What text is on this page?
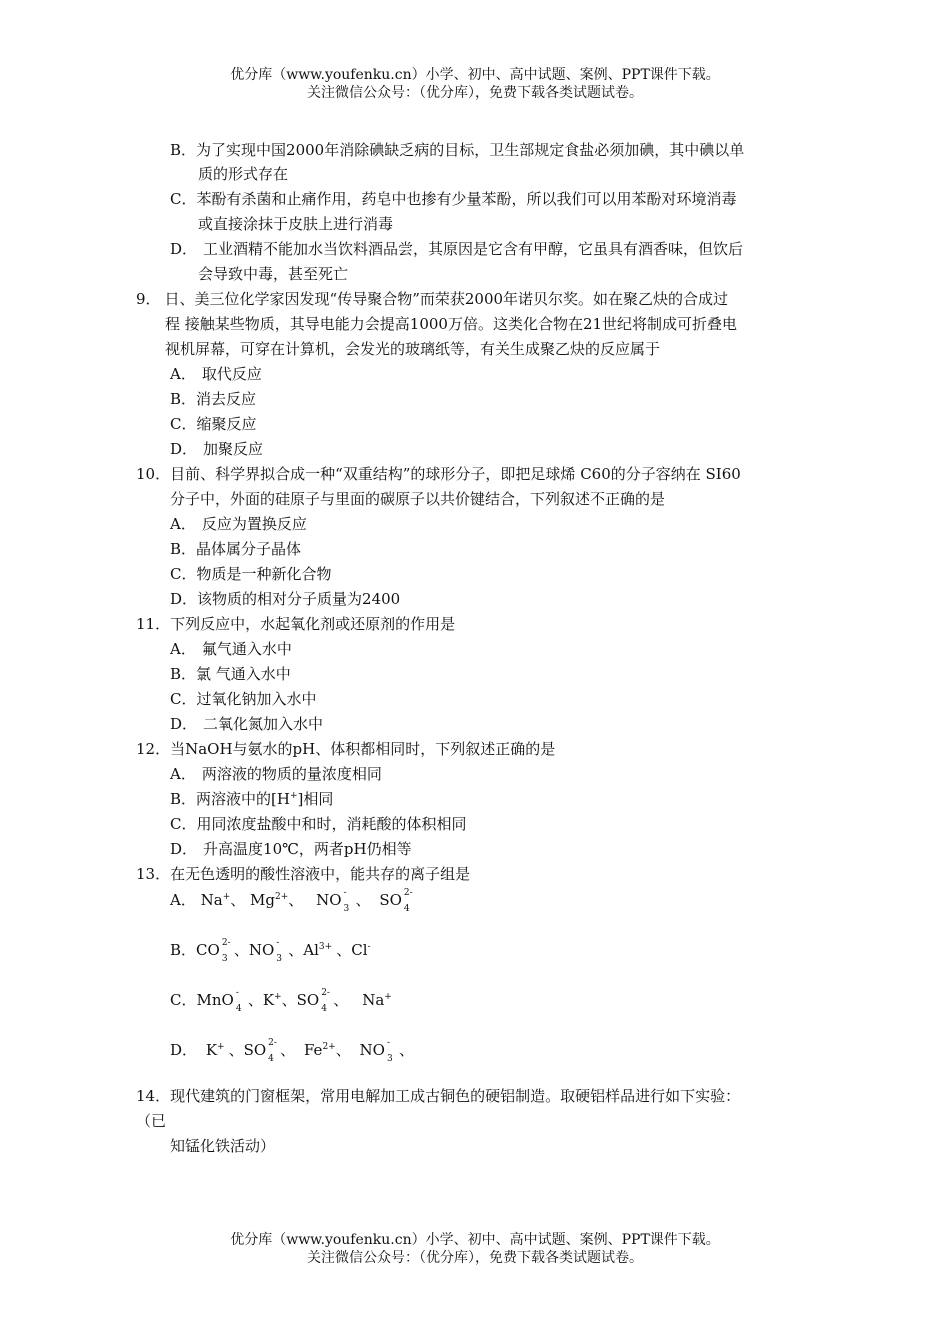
优分库（www.youfenku.cn）小学、初中、高中试题、案例、PPT课件下载。
关注微信公众号：（优分库），免费下载各类试题试卷。
B．为了实现中国2000年消除碘缺乏病的目标，卫生部规定食盐必须加碘，其中碘以单
质的形式存在
C．苯酚有杀菌和止痛作用，药皂中也掺有少量苯酚，所以我们可以用苯酚对环境消毒
或直接涂抹于皮肤上进行消毒
D． 工业酒精不能加水当饮料酒品尝，其原因是它含有甲醇，它虽具有酒香味，但饮后
会导致中毒，甚至死亡
9． 日、美三位化学家因发现“传导聚合物”而荣获2000年诺贝尔奖。如在聚乙炔的合成过
程 接触某些物质，其导电能力会提高1000万倍。这类化合物在21世纪将制成可折叠电
视机屏幕，可穿在计算机，会发光的玻璃纸等，有关生成聚乙炔的反应属于
A． 取代反应
B．消去反应
C．缩聚反应
D． 加聚反应
10．目前、科学界拟合成一种“双重结构”的球形分子，即把足球烯 C60的分子容纳在 SI60
分子中，外面的硅原子与里面的碳原子以共价键结合，下列叙述不正确的是
A． 反应为置换反应
B．晶体属分子晶体
C．物质是一种新化合物
D．该物质的相对分子质量为2400
11．下列反应中，水起氧化剂或还原剂的作用是
A． 氟气通入水中
B．氯 气通入水中
C．过氧化钠加入水中
D． 二氧化氮加入水中
12．当NaOH与氨水的pH、体积都相同时，下列叙述正确的是
A． 两溶液的物质的量浓度相同
B．两溶液中的[H+]相同
C．用同浓度盐酸中和时，消耗酸的体积相同
D． 升高温度10℃，两者pH仍相等
13．在无色透明的酸性溶液中，能共存的离子组是
A． Na+、 $Mg^{2+}$、 NO -
3 、 SO 2-
4
B．CO 2-
3 、NO -
3 、$Al^{3+}$ 、Cl-
C．MnO -
4 、K+、SO 2-
4 、 Na+
D． K+ 、SO 2-
4 、 $Fe^{2+}$、 NO -
3 、
14．现代建筑的门窗框架，常用电解加工成古铜色的硬铝制造。取硬铝样品进行如下实验：
（已
知锰化铁活动）
优分库（www.youfenku.cn）小学、初中、高中试题、案例、PPT课件下载。
关注微信公众号：（优分库），免费下载各类试题试卷。
